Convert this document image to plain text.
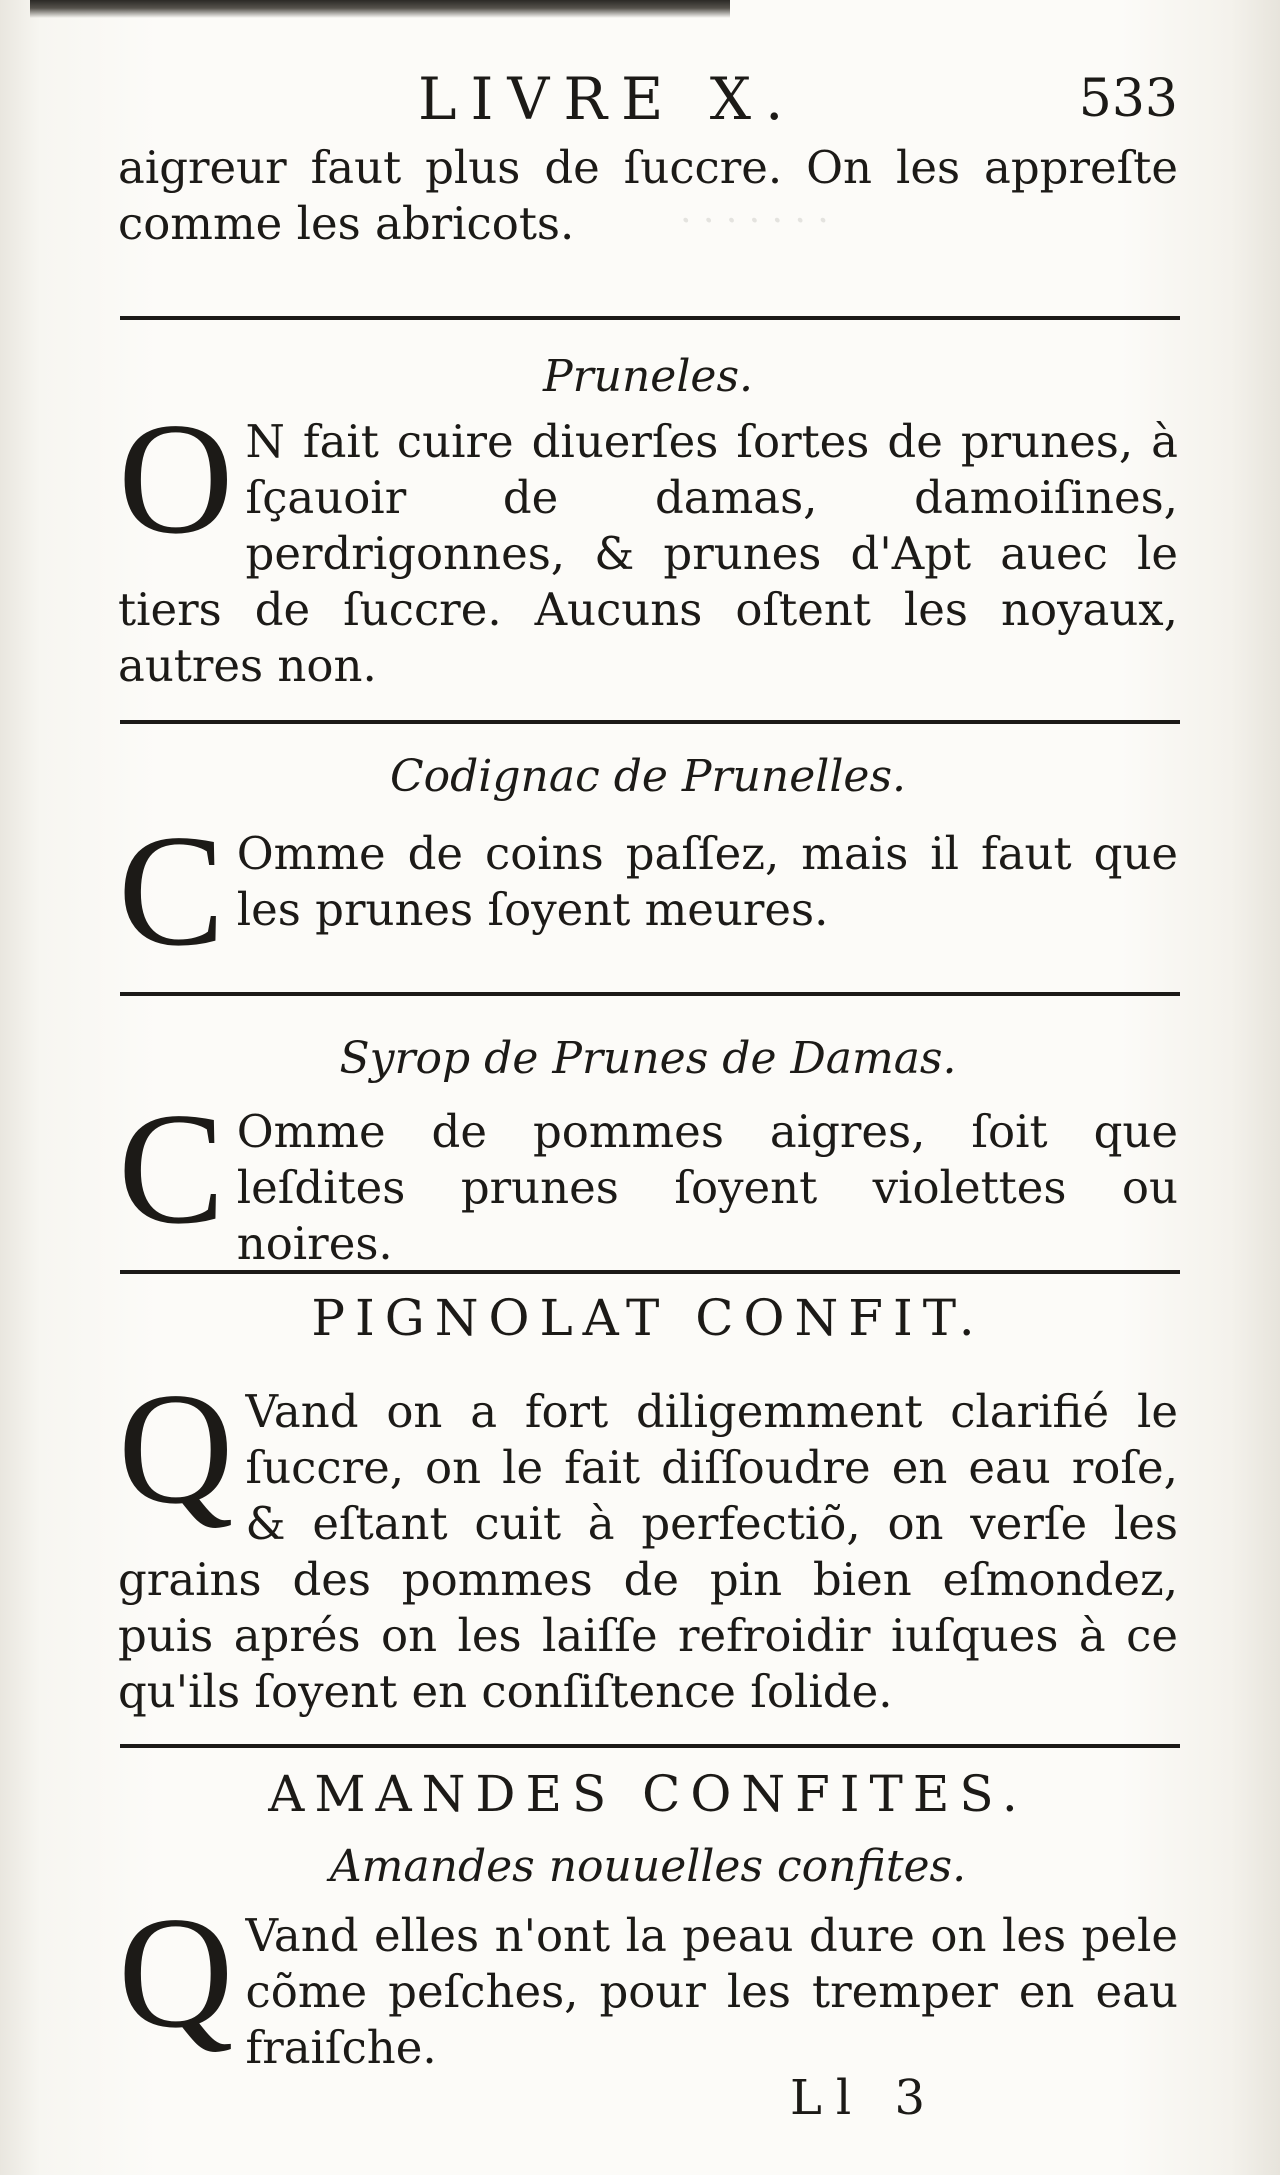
. . . . . . .
LIVRE X.	533
aigreur faut plus de ſuccre. On les appreſte comme les abricots.
Pruneles.
O N fait cuire diuerſes ſortes de prunes, à ſçauoir de damas, damoiſines, perdrigonnes, & prunes d'Apt auec le tiers de ſuccre. Aucuns oſtent les noyaux, autres non.
Codignac de Prunelles.
C Omme de coins paſſez, mais il faut que les prunes ſoyent meures.
Syrop de Prunes de Damas.
C Omme de pommes aigres, ſoit que leſdites prunes ſoyent violettes ou noires.
PIGNOLAT CONFIT.
Q Vand on a fort diligemment clarifié le ſuccre, on le fait diſſoudre en eau roſe, & eſtant cuit à perfectiõ, on verſe les grains des pommes de pin bien eſmondez, puis aprés on les laiſſe refroidir iuſques à ce qu'ils ſoyent en conſiſtence ſolide.
AMANDES CONFITES.
Amandes nouuelles confites.
Q Vand elles n'ont la peau dure on les pele cõme peſches, pour les tremper en eau fraiſche.
Ll 3
